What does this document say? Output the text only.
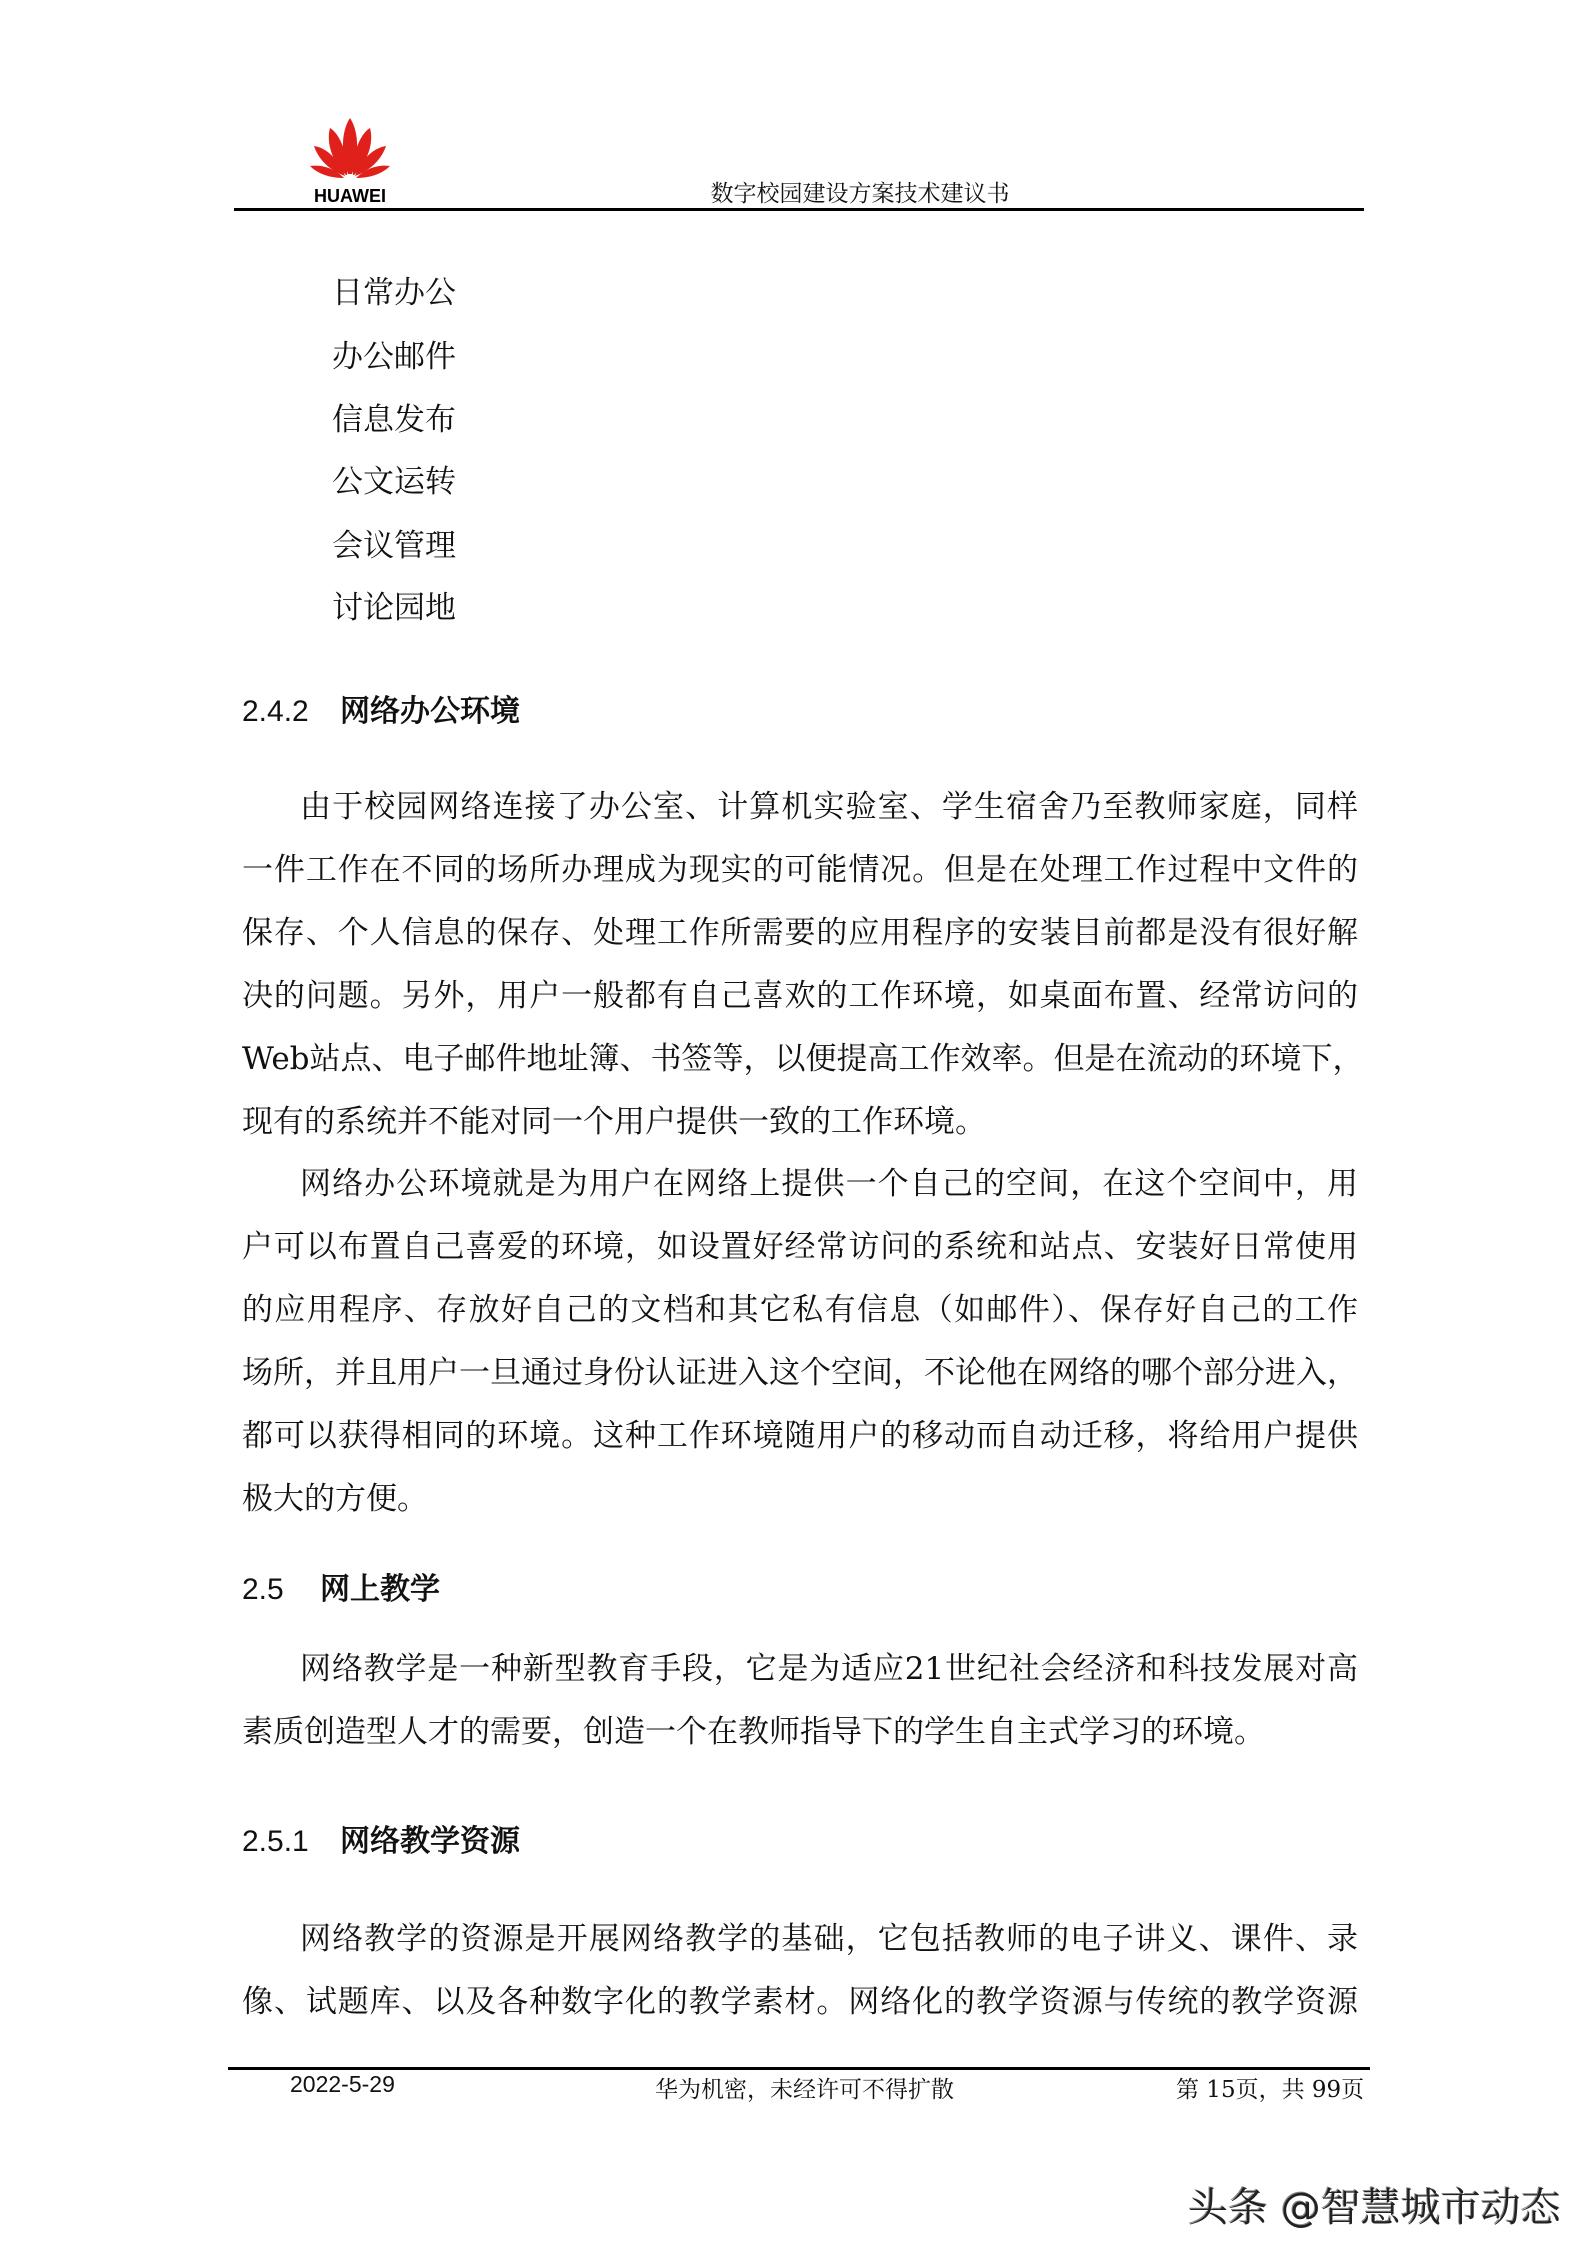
HUAWEI	数字校园建设方案技术建议书
日常办公
办公邮件
信息发布
公文运转
会议管理
讨论园地
2.4.2 网络办公环境
2.5 网上教学
2.5.1 网络教学资源
由于校园网络连接了办公室、计算机实验室、学生宿舍乃至教师家庭，同样
一件工作在不同的场所办理成为现实的可能情况。但是在处理工作过程中文件的
保存、个人信息的保存、处理工作所需要的应用程序的安装目前都是没有很好解
决的问题。另外，用户一般都有自己喜欢的工作环境，如桌面布置、经常访问的
Web站点、电子邮件地址簿、书签等，以便提高工作效率。但是在流动的环境下，
现有的系统并不能对同一个用户提供一致的工作环境。
网络办公环境就是为用户在网络上提供一个自己的空间，在这个空间中，用
户可以布置自己喜爱的环境，如设置好经常访问的系统和站点、安装好日常使用
的应用程序、存放好自己的文档和其它私有信息（如邮件）、保存好自己的工作
场所，并且用户一旦通过身份认证进入这个空间，不论他在网络的哪个部分进入，
都可以获得相同的环境。这种工作环境随用户的移动而自动迁移，将给用户提供
极大的方便。
网络教学是一种新型教育手段，它是为适应21世纪社会经济和科技发展对高
素质创造型人才的需要，创造一个在教师指导下的学生自主式学习的环境。
网络教学的资源是开展网络教学的基础，它包括教师的电子讲义、课件、录
像、试题库、以及各种数字化的教学素材。网络化的教学资源与传统的教学资源
2022-5-29	华为机密，未经许可不得扩散	第 15页，共 99页
头条 @智慧城市动态
